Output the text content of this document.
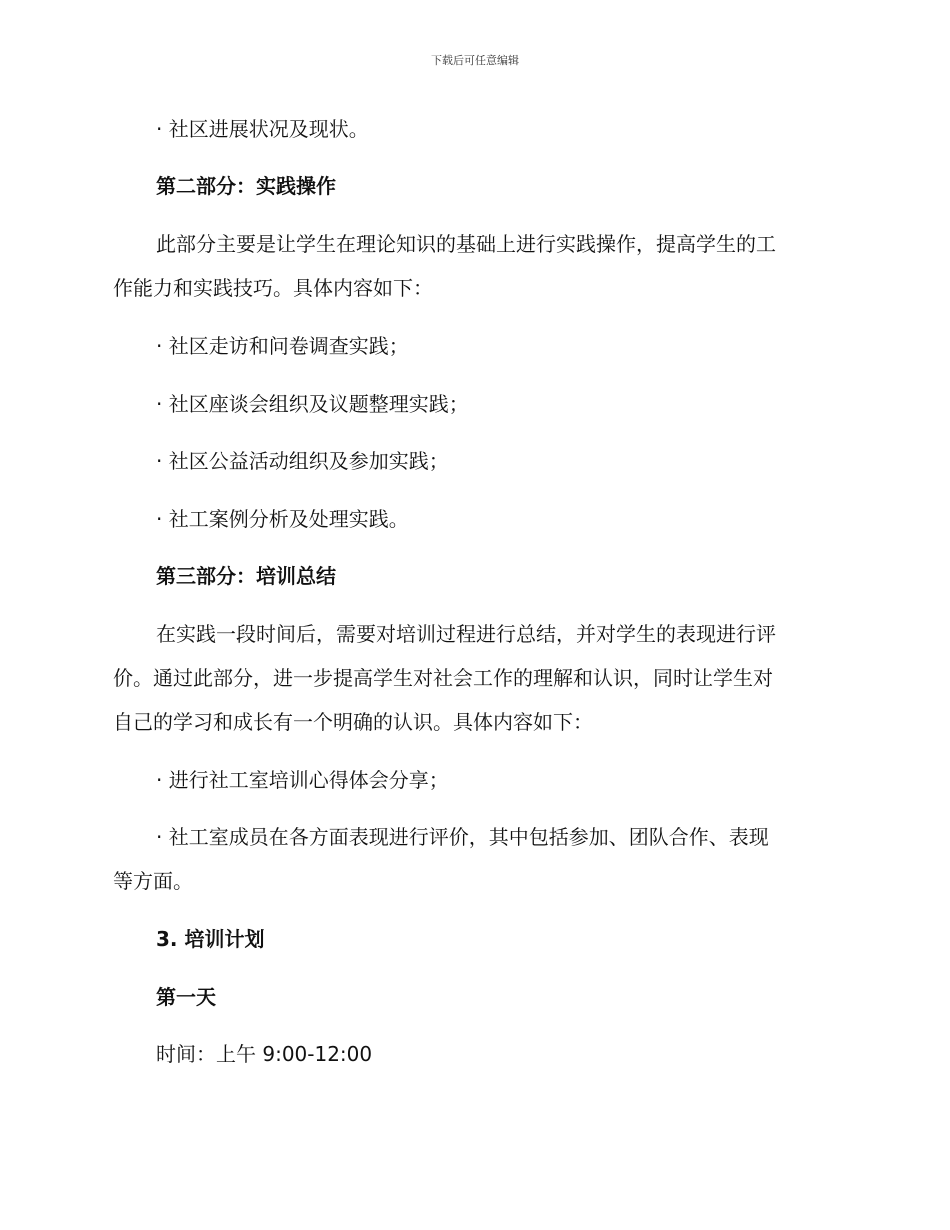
下载后可任意编辑
· 社区进展状况及现状。
第二部分：实践操作
此部分主要是让学生在理论知识的基础上进行实践操作，提高学生的工
作能力和实践技巧。具体内容如下：
· 社区走访和问卷调查实践；
· 社区座谈会组织及议题整理实践；
· 社区公益活动组织及参加实践；
· 社工案例分析及处理实践。
第三部分：培训总结
在实践一段时间后，需要对培训过程进行总结，并对学生的表现进行评
价。通过此部分，进一步提高学生对社会工作的理解和认识，同时让学生对
自己的学习和成长有一个明确的认识。具体内容如下：
· 进行社工室培训心得体会分享；
· 社工室成员在各方面表现进行评价，其中包括参加、团队合作、表现
等方面。
3. 培训计划
第一天
时间：上午 9:00-12:00
